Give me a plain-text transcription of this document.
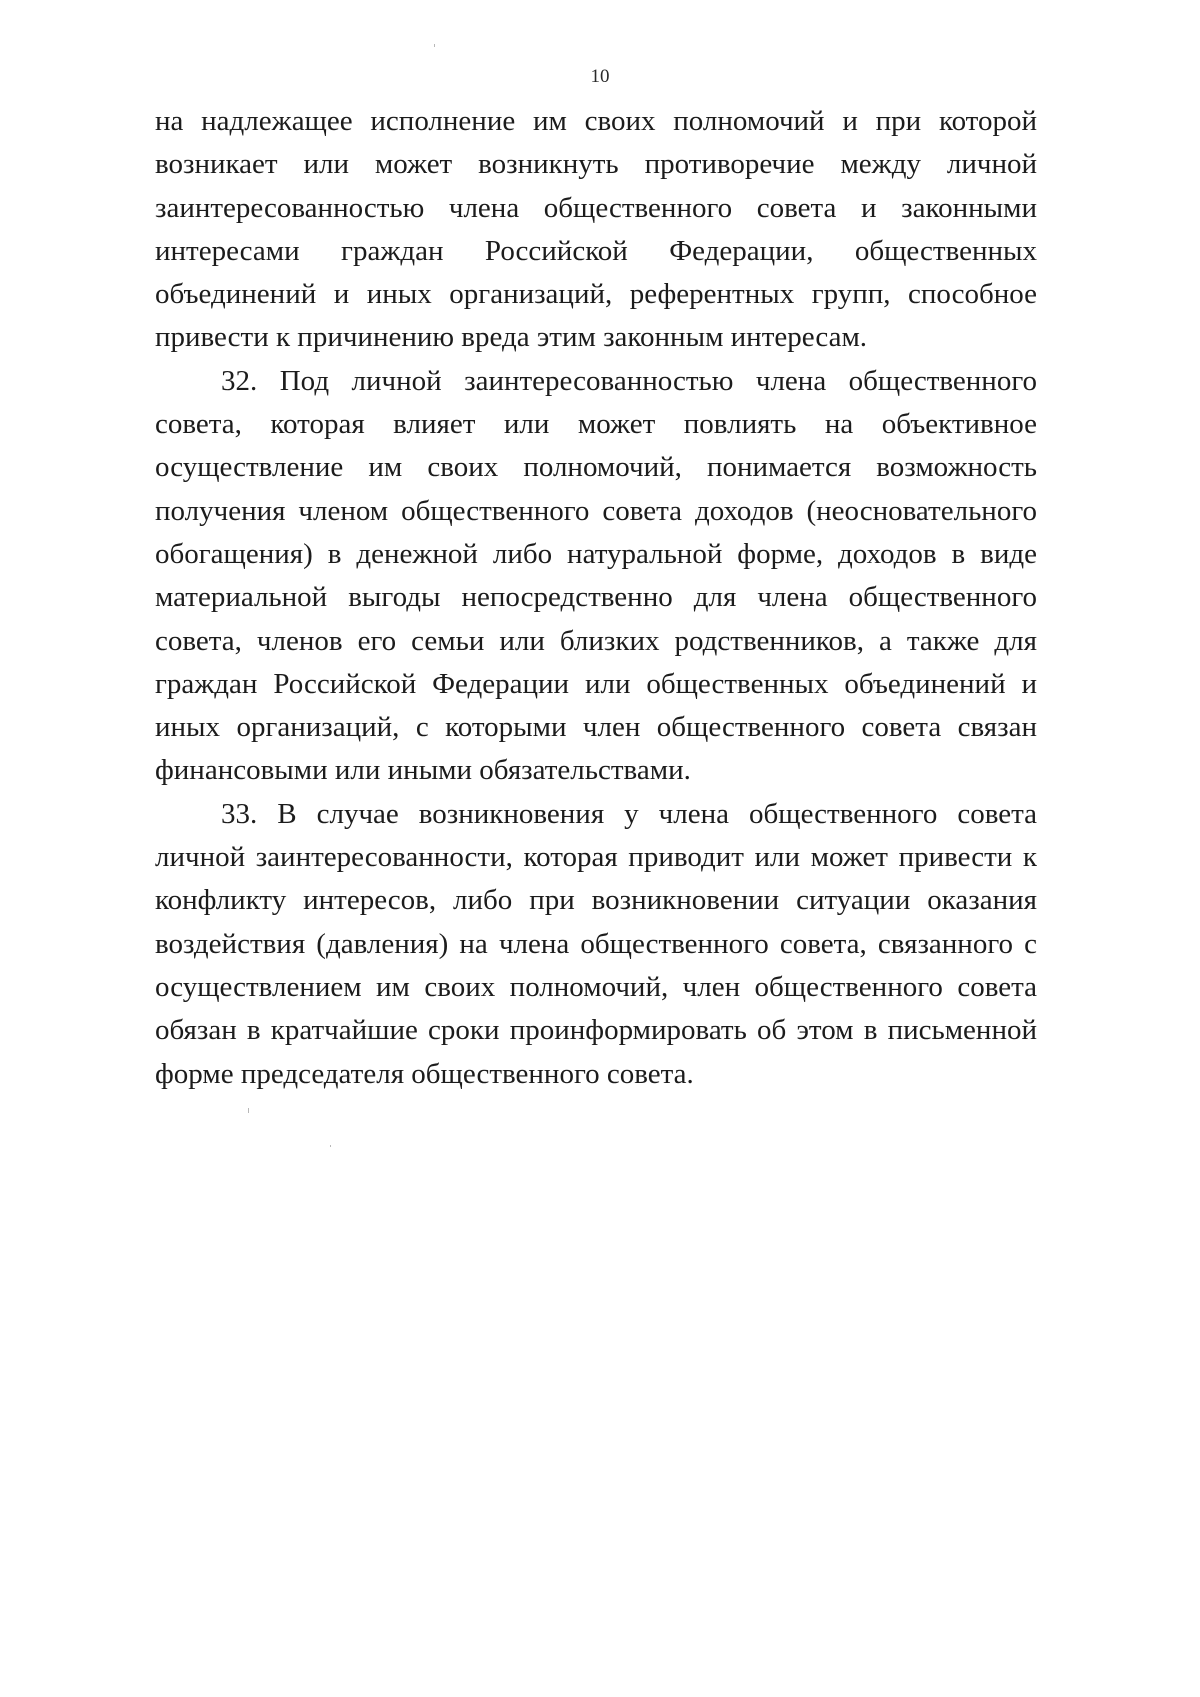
10

на надлежащее исполнение им своих полномочий и при которой возникает или может возникнуть противоречие между личной заинтересованностью члена общественного совета и законными интересами граждан Российской Федерации, общественных объединений и иных организаций, референтных групп, способное привести к причинению вреда этим законным интересам.

32. Под личной заинтересованностью члена общественного совета, которая влияет или может повлиять на объективное осуществление им своих полномочий, понимается возможность получения членом общественного совета доходов (неосновательного обогащения) в денежной либо натуральной форме, доходов в виде материальной выгоды непосредственно для члена общественного совета, членов его семьи или близких родственников, а также для граждан Российской Федерации или общественных объединений и иных организаций, с которыми член общественного совета связан финансовыми или иными обязательствами.

33. В случае возникновения у члена общественного совета личной заинтересованности, которая приводит или может привести к конфликту интересов, либо при возникновении ситуации оказания воздействия (давления) на члена общественного совета, связанного с осуществлением им своих полномочий, член общественного совета обязан в кратчайшие сроки проинформировать об этом в письменной форме председателя общественного совета.
